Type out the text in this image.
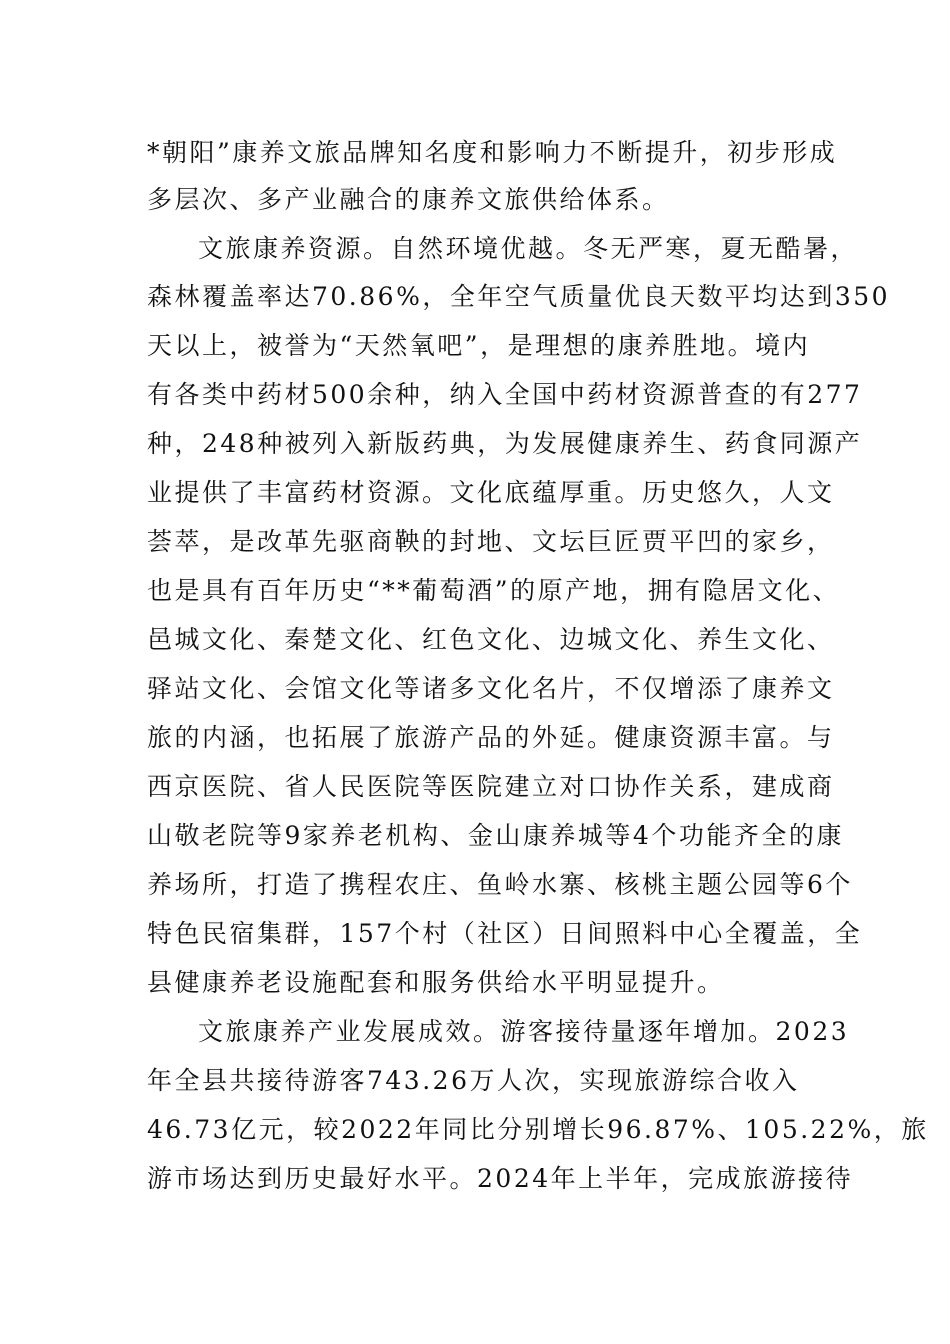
*朝阳”康养文旅品牌知名度和影响力不断提升，初步形成
多层次、多产业融合的康养文旅供给体系。
文旅康养资源。自然环境优越。冬无严寒，夏无酷暑，
森林覆盖率达70.86%，全年空气质量优良天数平均达到350
天以上，被誉为“天然氧吧”，是理想的康养胜地。境内
有各类中药材500余种，纳入全国中药材资源普查的有277
种，248种被列入新版药典，为发展健康养生、药食同源产
业提供了丰富药材资源。文化底蕴厚重。历史悠久，人文
荟萃，是改革先驱商鞅的封地、文坛巨匠贾平凹的家乡，
也是具有百年历史“**葡萄酒”的原产地，拥有隐居文化、
邑城文化、秦楚文化、红色文化、边城文化、养生文化、
驿站文化、会馆文化等诸多文化名片，不仅增添了康养文
旅的内涵，也拓展了旅游产品的外延。健康资源丰富。与
西京医院、省人民医院等医院建立对口协作关系，建成商
山敬老院等9家养老机构、金山康养城等4个功能齐全的康
养场所，打造了携程农庄、鱼岭水寨、核桃主题公园等6个
特色民宿集群，157个村（社区）日间照料中心全覆盖，全
县健康养老设施配套和服务供给水平明显提升。
文旅康养产业发展成效。游客接待量逐年增加。2023
年全县共接待游客743.26万人次，实现旅游综合收入
46.73亿元，较2022年同比分别增长96.87%、105.22%，旅
游市场达到历史最好水平。2024年上半年，完成旅游接待
